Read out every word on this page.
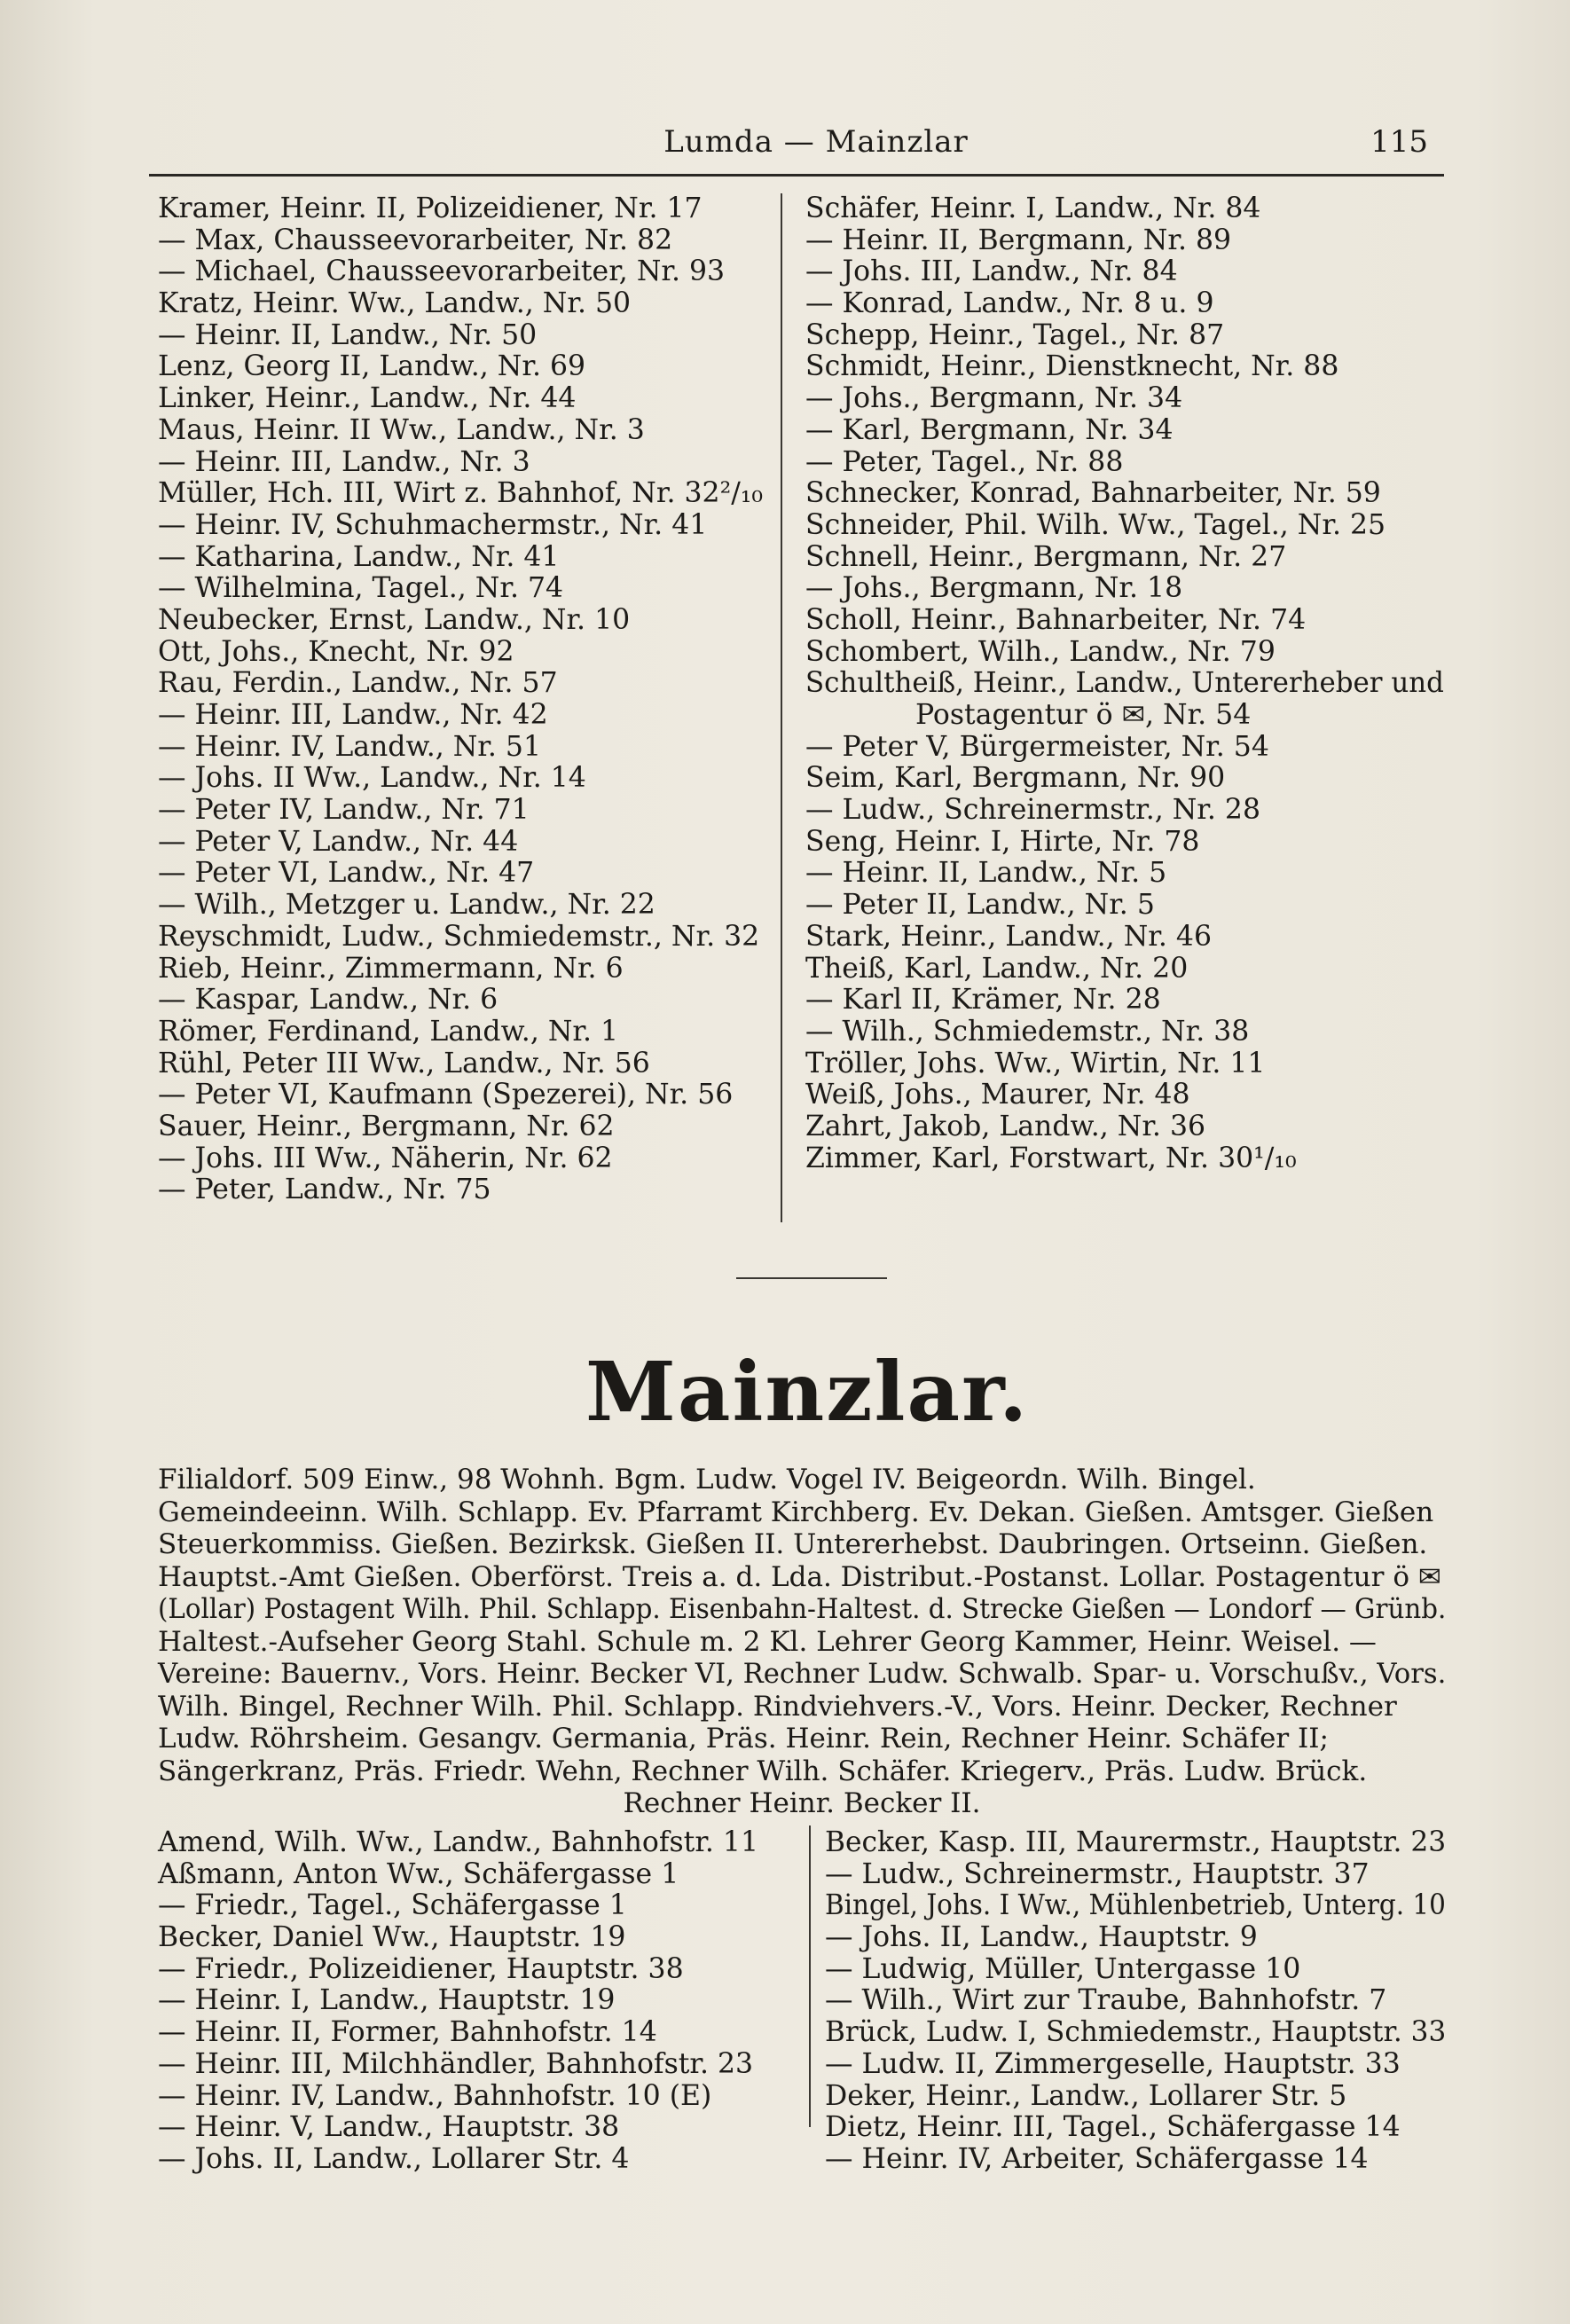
Lumda — Mainzlar	115
Kramer, Heinr. II, Polizeidiener, Nr. 17
— Max, Chausseevorarbeiter, Nr. 82
— Michael, Chausseevorarbeiter, Nr. 93
Kratz, Heinr. Ww., Landw., Nr. 50
— Heinr. II, Landw., Nr. 50
Lenz, Georg II, Landw., Nr. 69
Linker, Heinr., Landw., Nr. 44
Maus, Heinr. II Ww., Landw., Nr. 3
— Heinr. III, Landw., Nr. 3
Müller, Hch. III, Wirt z. Bahnhof, Nr. 32²/₁₀
— Heinr. IV, Schuhmachermstr., Nr. 41
— Katharina, Landw., Nr. 41
— Wilhelmina, Tagel., Nr. 74
Neubecker, Ernst, Landw., Nr. 10
Ott, Johs., Knecht, Nr. 92
Rau, Ferdin., Landw., Nr. 57
— Heinr. III, Landw., Nr. 42
— Heinr. IV, Landw., Nr. 51
— Johs. II Ww., Landw., Nr. 14
— Peter IV, Landw., Nr. 71
— Peter V, Landw., Nr. 44
— Peter VI, Landw., Nr. 47
— Wilh., Metzger u. Landw., Nr. 22
Reyschmidt, Ludw., Schmiedemstr., Nr. 32
Rieb, Heinr., Zimmermann, Nr. 6
— Kaspar, Landw., Nr. 6
Römer, Ferdinand, Landw., Nr. 1
Rühl, Peter III Ww., Landw., Nr. 56
— Peter VI, Kaufmann (Spezerei), Nr. 56
Sauer, Heinr., Bergmann, Nr. 62
— Johs. III Ww., Näherin, Nr. 62
— Peter, Landw., Nr. 75
Schäfer, Heinr. I, Landw., Nr. 84
— Heinr. II, Bergmann, Nr. 89
— Johs. III, Landw., Nr. 84
— Konrad, Landw., Nr. 8 u. 9
Schepp, Heinr., Tagel., Nr. 87
Schmidt, Heinr., Dienstknecht, Nr. 88
— Johs., Bergmann, Nr. 34
— Karl, Bergmann, Nr. 34
— Peter, Tagel., Nr. 88
Schnecker, Konrad, Bahnarbeiter, Nr. 59
Schneider, Phil. Wilh. Ww., Tagel., Nr. 25
Schnell, Heinr., Bergmann, Nr. 27
— Johs., Bergmann, Nr. 18
Scholl, Heinr., Bahnarbeiter, Nr. 74
Schombert, Wilh., Landw., Nr. 79
Schultheiß, Heinr., Landw., Untererheber und
Postagentur ö ✉, Nr. 54
— Peter V, Bürgermeister, Nr. 54
Seim, Karl, Bergmann, Nr. 90
— Ludw., Schreinermstr., Nr. 28
Seng, Heinr. I, Hirte, Nr. 78
— Heinr. II, Landw., Nr. 5
— Peter II, Landw., Nr. 5
Stark, Heinr., Landw., Nr. 46
Theiß, Karl, Landw., Nr. 20
— Karl II, Krämer, Nr. 28
— Wilh., Schmiedemstr., Nr. 38
Tröller, Johs. Ww., Wirtin, Nr. 11
Weiß, Johs., Maurer, Nr. 48
Zahrt, Jakob, Landw., Nr. 36
Zimmer, Karl, Forstwart, Nr. 30¹/₁₀
Mainzlar.
Filialdorf. 509 Einw., 98 Wohnh. Bgm. Ludw. Vogel IV. Beigeordn. Wilh. Bingel.
Gemeindeeinn. Wilh. Schlapp. Ev. Pfarramt Kirchberg. Ev. Dekan. Gießen. Amtsger. Gießen
Steuerkommiss. Gießen. Bezirksk. Gießen II. Untererhebst. Daubringen. Ortseinn. Gießen.
Hauptst.-Amt Gießen. Oberförst. Treis a. d. Lda. Distribut.-Postanst. Lollar. Postagentur ö ✉
(Lollar) Postagent Wilh. Phil. Schlapp. Eisenbahn-Haltest. d. Strecke Gießen — Londorf — Grünb.
Haltest.-Aufseher Georg Stahl. Schule m. 2 Kl. Lehrer Georg Kammer, Heinr. Weisel. —
Vereine: Bauernv., Vors. Heinr. Becker VI, Rechner Ludw. Schwalb. Spar- u. Vorschußv., Vors.
Wilh. Bingel, Rechner Wilh. Phil. Schlapp. Rindviehvers.-V., Vors. Heinr. Decker, Rechner
Ludw. Röhrsheim. Gesangv. Germania, Präs. Heinr. Rein, Rechner Heinr. Schäfer II;
Sängerkranz, Präs. Friedr. Wehn, Rechner Wilh. Schäfer. Kriegerv., Präs. Ludw. Brück.
Rechner Heinr. Becker II.
Amend, Wilh. Ww., Landw., Bahnhofstr. 11
Aßmann, Anton Ww., Schäfergasse 1
— Friedr., Tagel., Schäfergasse 1
Becker, Daniel Ww., Hauptstr. 19
— Friedr., Polizeidiener, Hauptstr. 38
— Heinr. I, Landw., Hauptstr. 19
— Heinr. II, Former, Bahnhofstr. 14
— Heinr. III, Milchhändler, Bahnhofstr. 23
— Heinr. IV, Landw., Bahnhofstr. 10 (E)
— Heinr. V, Landw., Hauptstr. 38
— Johs. II, Landw., Lollarer Str. 4
Becker, Kasp. III, Maurermstr., Hauptstr. 23
— Ludw., Schreinermstr., Hauptstr. 37
Bingel, Johs. I Ww., Mühlenbetrieb, Unterg. 10
— Johs. II, Landw., Hauptstr. 9
— Ludwig, Müller, Untergasse 10
— Wilh., Wirt zur Traube, Bahnhofstr. 7
Brück, Ludw. I, Schmiedemstr., Hauptstr. 33
— Ludw. II, Zimmergeselle, Hauptstr. 33
Deker, Heinr., Landw., Lollarer Str. 5
Dietz, Heinr. III, Tagel., Schäfergasse 14
— Heinr. IV, Arbeiter, Schäfergasse 14
